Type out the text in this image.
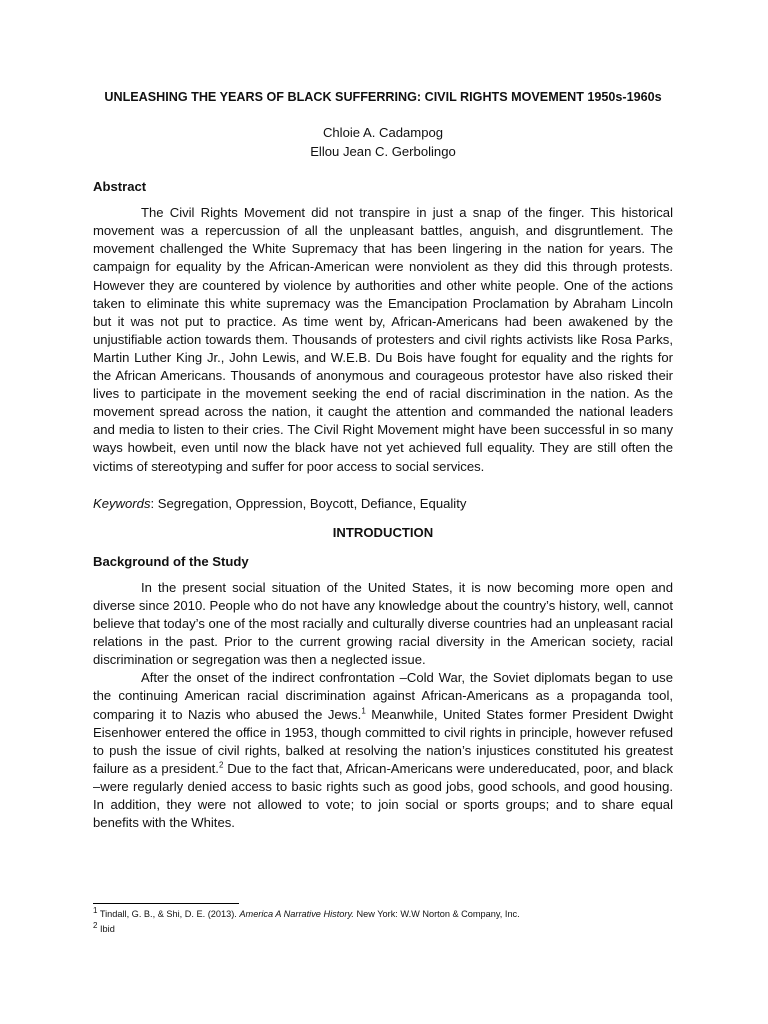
UNLEASHING THE YEARS OF BLACK SUFFERRING: CIVIL RIGHTS MOVEMENT 1950s-1960s
Chloie A. Cadampog
Ellou Jean C. Gerbolingo
Abstract

The Civil Rights Movement did not transpire in just a snap of the finger. This historical movement was a repercussion of all the unpleasant battles, anguish, and disgruntlement. The movement challenged the White Supremacy that has been lingering in the nation for years. The campaign for equality by the African-American were nonviolent as they did this through protests. However they are countered by violence by authorities and other white people. One of the actions taken to eliminate this white supremacy was the Emancipation Proclamation by Abraham Lincoln but it was not put to practice. As time went by, African-Americans had been awakened by the unjustifiable action towards them. Thousands of protesters and civil rights activists like Rosa Parks, Martin Luther King Jr., John Lewis, and W.E.B. Du Bois have fought for equality and the rights for the African Americans. Thousands of anonymous and courageous protestor have also risked their lives to participate in the movement seeking the end of racial discrimination in the nation. As the movement spread across the nation, it caught the attention and commanded the national leaders and media to listen to their cries. The Civil Right Movement might have been successful in so many ways howbeit, even until now the black have not yet achieved full equality. They are still often the victims of stereotyping and suffer for poor access to social services.

Keywords: Segregation, Oppression, Boycott, Defiance, Equality

INTRODUCTION
Background of the Study

In the present social situation of the United States, it is now becoming more open and diverse since 2010. People who do not have any knowledge about the country’s history, well, cannot believe that today’s one of the most racially and culturally diverse countries had an unpleasant racial relations in the past. Prior to the current growing racial diversity in the American society, racial discrimination or segregation was then a neglected issue.

After the onset of the indirect confrontation –Cold War, the Soviet diplomats began to use the continuing American racial discrimination against African-Americans as a propaganda tool, comparing it to Nazis who abused the Jews.$^1$ Meanwhile, United States former President Dwight Eisenhower entered the office in 1953, though committed to civil rights in principle, however refused to push the issue of civil rights, balked at resolving the nation’s injustices constituted his greatest failure as a president.$^2$ Due to the fact that, African-Americans were undereducated, poor, and black –were regularly denied access to basic rights such as good jobs, good schools, and good housing. In addition, they were not allowed to vote; to join social or sports groups; and to share equal benefits with the Whites.

$^1$ Tindall, G. B., & Shi, D. E. (2013). America A Narrative History. New York: W.W Norton & Company, Inc.
$^2$ Ibid
